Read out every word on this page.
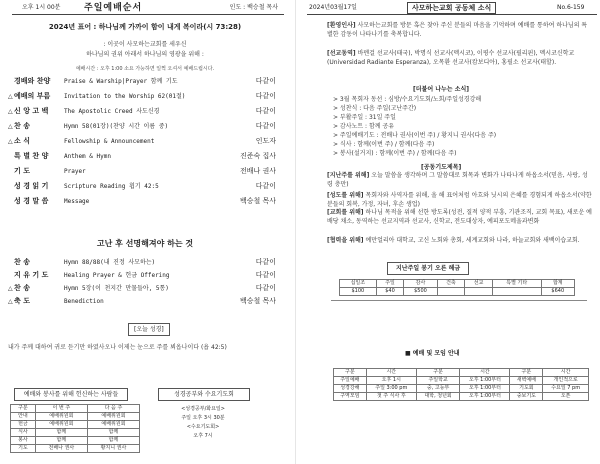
오후 1시 00분	주일예배순서	인도 : 백승철 목사
2024년 표어 : 하나님께 가까이 함이 내게 복이라(시 73:28)
: 이곳이 사모하는교회를 세우신
하나님의 권위 아래서 하나님의 영광을 위해 :
예배시간 : 오후 1:00 소요 가능하면 일찍 오셔서 예배드립시다.
경배와 찬양	Praise & Warship|Prayer 함께 기도	다같이
△ 예배의 부름	Invitation to the Worship 62(01절)	다같이
△ 신 앙 고 백	The Apostolic Creed 사도신경	다같이
△ 찬 송	Hymn 58(01장)(찬양 시간 이름 중)	다같이
△ 소 식	Fellowship & Announcement	인도자
특 별 찬 양	Anthem & Hymn	진준숙 집사
기 도	Prayer	전배나 권사
성 경 읽 기	Scripture Reading 휩기 42:5	다같이
성 경 말 씀	Message	백승철 목사
고난 후 선명해져야 하는 것
찬 송	Hymn 88/88(내 진정 사모하는)	다같이
지 유 기 도	Healing Prayer & 헌금 Offering	다같이
△ 찬 송	Hymn 5장(이 천지간 만물들아, 5통)	다같이
△ 축 도	Benediction	백승철 목사
[오늘 성경]
내가 주께 대하여 귀로 듣기만 하였사오나 이제는 눈으로 주를 뵈옵나이다 (욥 42:5)
예배와 봉사를 위해 헌신하는 사람들
구분	이 번 주	다 음 주
안내	예배위원회	예배위원회
헌금	예배위원회	예배위원회
식사	함께	함께
봉사	함께	함께
기도	전배나 권사	황지니 권사
성경공부와 수요기도회
<성경공부/화요일>
주일 오후 3시 30분
<수요기도회>
오후 7시
2024년03월17일	사모하는교회 공동체 소식	No.6-159
[환영인사] 사모하는교회를 방문 혹은 찾아 주신 분들의 마음을 기억하며 예배를 통하여 하나님의 특별한 감동이 나타나기를 축복합니다.
[선교동역] 바멘걸 선교사(태국), 박명식 선교사(멕시코), 이평수 선교사(필리핀), 멕시코신학교(Universidad Radiante Esperanza), 오목환 선교사(캄보디아), 홍필소 선교사(태할).
[더불어 나누는 소식]
> 3월 목회자 동선 : 심방/수요기도회/노회/주일성경강해
> 성찬식 : 다음 주일(고난주간)
> 부활주일 : 31일 주일
> 감사노트 : 함께 공유
> 주일예배기도 : 전배나 권사(이번 주) / 황지니 권사(다음 주)
> 식사 : 함께(이번 주) / 함께(다음 주)
> 봉사(설거지) : 함께(이번 주) / 함께(다음 주)
[공동기도제목]
[지난주를 위해] 오늘 말씀을 생각하며 그 말씀대로 회목과 변화가 나타나게 하옵소서(믿음, 사랑, 성령 충만)
[성도를 위해] 목회자와 사역자를 위해, 올 해 표어처럼 아흐와 닛시의 은혜를 경험되게 하옵소서(약한 분들의 회복, 가정, 자녀, 후손 생업)
[교회를 위해] 하나님 목적을 위해 선한 방도록(성전, 질적 양적 부흥, 기관조직, 교회 목표), 새로운 예배당 채소, 동역하는 선교지역과 선교사, 신학교, 전도대상자, 예피포도메울과변화
[협력을 위해] 예만얼리아 대학교, 고신 노회와 총회, 세계교회와 나라, 하늘교회와 새백이습교회.
지난주일 봉기 오른 헤금
십일조	주일	감사	건축	선교	특별 기타	합계
$100	$40	$500				$640
■ 예배 및 모임 안내
구분	시간	구분	시간	구분	시간
주일예배	오후 1시	주일학교	오후 1:00부터	새벽예배	개인적으로
성경강해	주일 3:00 pm	중, 고등부	오후 1:00부터	기도회	수요일 7 pm
구역모임	첫 주 식사 후	대학, 청년회	오후 1:00부터	중보기도	오픈
